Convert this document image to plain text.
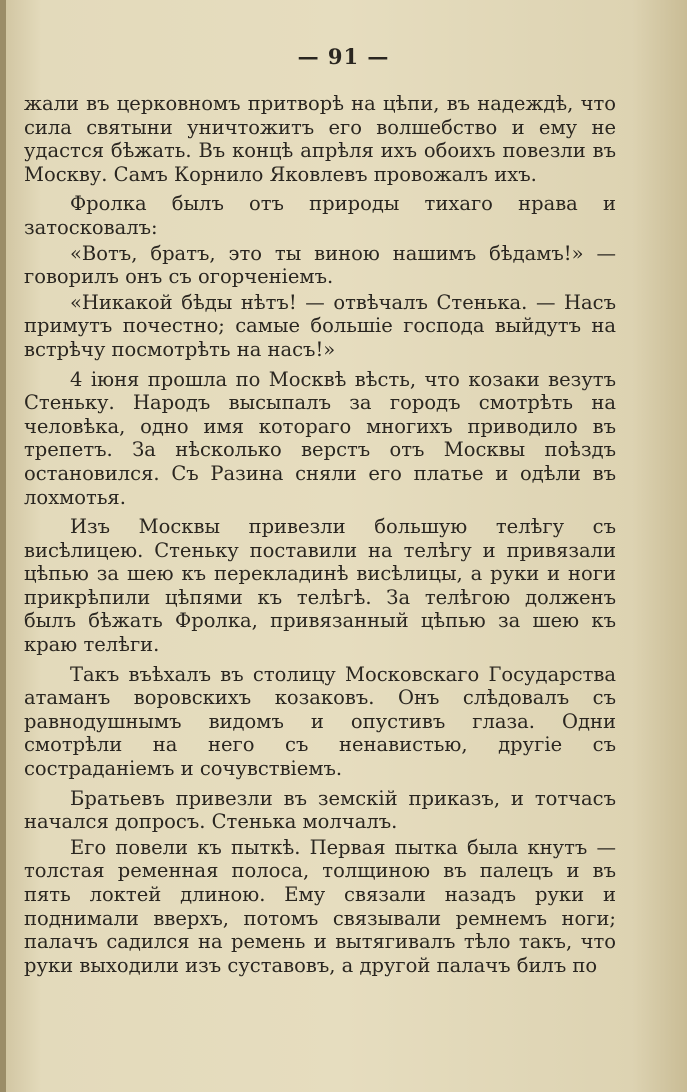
— 91 —

жали въ церковномъ притворѣ на цѣпи, въ надеждѣ, что сила святыни уничтожитъ его волшебство и ему не удастся бѣжать. Въ концѣ апрѣля ихъ обоихъ повезли въ Москву. Самъ Корнило Яковлевъ провожалъ ихъ.

Фролка былъ отъ природы тихаго нрава и затосковалъ:

«Вотъ, братъ, это ты виною нашимъ бѣдамъ!» — говорилъ онъ съ огорченіемъ.

«Никакой бѣды нѣтъ! — отвѣчалъ Стенька. — Насъ примутъ почестно; самые большіе господа выйдутъ на встрѣчу посмотрѣть на насъ!»

4 іюня прошла по Москвѣ вѣсть, что козаки везутъ Стеньку. Народъ высыпалъ за городъ смотрѣть на человѣка, одно имя котораго многихъ приводило въ трепетъ. За нѣсколько верстъ отъ Москвы поѣздъ остановился. Съ Разина сняли его платье и одѣли въ лохмотья.

Изъ Москвы привезли большую телѣгу съ висѣлицею. Стеньку поставили на телѣгу и привязали цѣпью за шею къ перекладинѣ висѣлицы, а руки и ноги прикрѣпили цѣпями къ телѣгѣ. За телѣгою долженъ былъ бѣжать Фролка, привязанный цѣпью за шею къ краю телѣги.

Такъ въѣхалъ въ столицу Московскаго Государства атаманъ воровскихъ козаковъ. Онъ слѣдовалъ съ равнодушнымъ видомъ и опустивъ глаза. Одни смотрѣли на него съ ненавистью, другіе съ состраданіемъ и сочувствіемъ.

Братьевъ привезли въ земскій приказъ, и тотчасъ начался допросъ. Стенька молчалъ.

Его повели къ пыткѣ. Первая пытка была кнутъ — толстая ременная полоса, толщиною въ палецъ и въ пять локтей длиною. Ему связали назадъ руки и поднимали вверхъ, потомъ связывали ремнемъ ноги; палачъ садился на ремень и вытягивалъ тѣло такъ, что руки выходили изъ суставовъ, а другой палачъ билъ по
